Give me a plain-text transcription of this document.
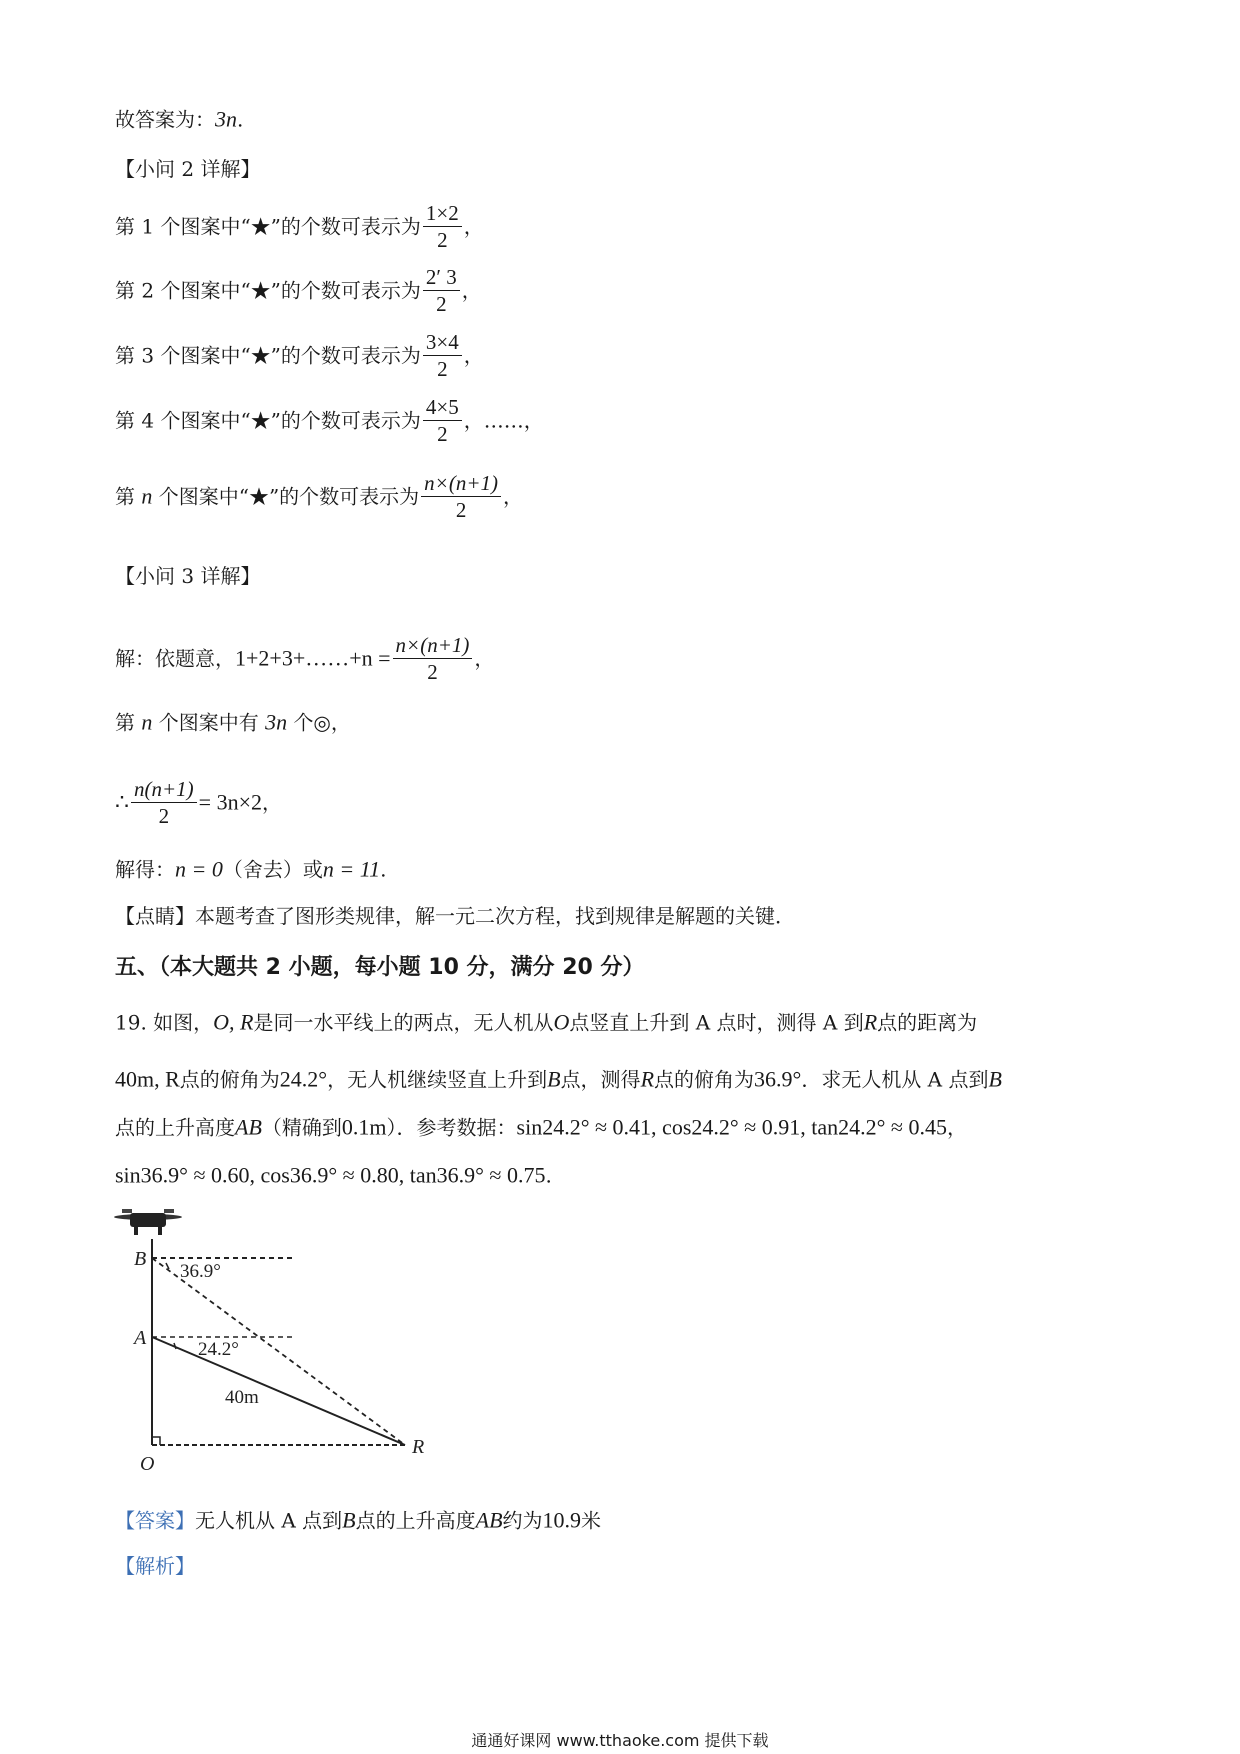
故答案为：3n.
【小问 2 详解】
第 1 个图案中“★”的个数可表示为 $\frac{1\times 2}{2}$ ，
第 2 个图案中“★”的个数可表示为 $\frac{2' 3}{2}$ ，
第 3 个图案中“★”的个数可表示为 $\frac{3\times 4}{2}$ ，
第 4 个图案中“★”的个数可表示为 $\frac{4\times 5}{2}$ ，……，
第 n 个图案中“★”的个数可表示为 $\frac{n\times(n+1)}{2}$ ，
【小问 3 详解】
解：依题意，1+2+3+……+n = $\frac{n\times(n+1)}{2}$ ，
第 n 个图案中有 3n 个◎，
∴ $\frac{n(n+1)}{2} = 3n\times 2$，
解得：n = 0（舍去）或n = 11.
【点睛】本题考查了图形类规律，解一元二次方程，找到规律是解题的关键．
五、（本大题共 2 小题，每小题 10 分，满分 20 分）
19. 如图，O, R是同一水平线上的两点，无人机从O点竖直上升到 A 点时，测得 A 到R点的距离为
40m, R点的俯角为24.2°，无人机继续竖直上升到B点，测得R点的俯角为36.9°．求无人机从 A 点到B
点的上升高度AB（精确到0.1m）．参考数据：sin24.2° ≈ 0.41, cos24.2° ≈ 0.91, tan24.2° ≈ 0.45，
sin36.9° ≈ 0.60, cos36.9° ≈ 0.80, tan36.9° ≈ 0.75.
B
A
O
R
36.9°
24.2°
40m
【答案】无人机从 A 点到B点的上升高度AB约为10.9米
【解析】
通通好课网 www.tthaoke.com 提供下载
